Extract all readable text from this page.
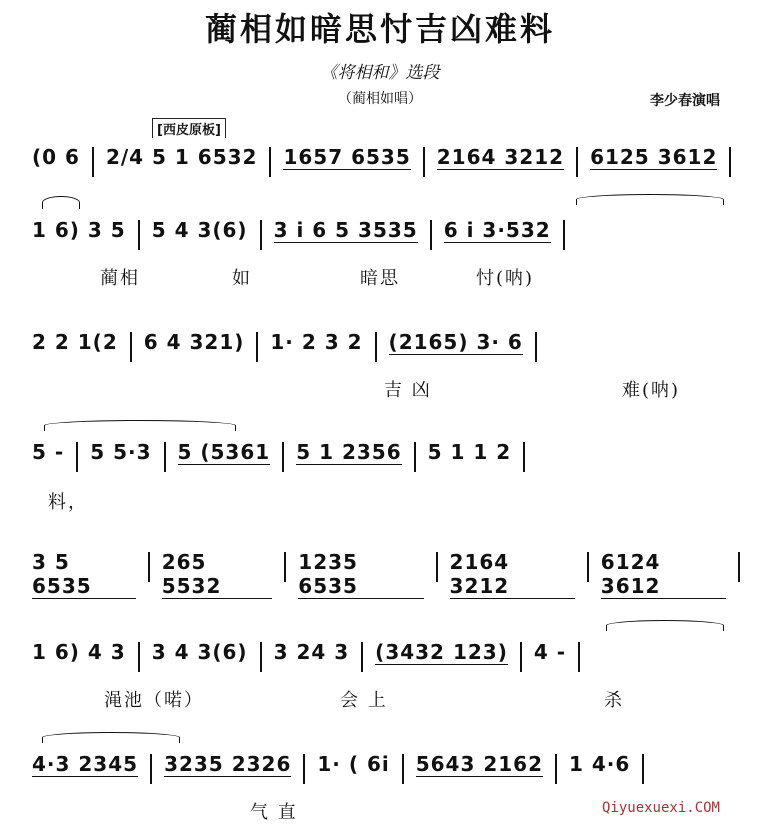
蔺相如暗思忖吉凶难料
《将相和》选段
（蔺相如唱）	李少春演唱
[西皮原板]
(0 6 2/4 5 1 6532 1657 6535 2164 3212 6125 3612
1 6) 3 5 5 4 3(6) 3 i 6 5 3535 6 i 3·532
蔺相	如	暗思	忖(呐)
2 2 1(2 6 4 321) 1· 2 3 2 (2165) 3· 6
吉 凶	难(呐)
5 - 5 5·3 5 (5361 5 1 2356 5 1 1 2
料，
3 5 6535
265 5532
1235 6535
2164 3212
6124 3612
1 6) 4 3 3 4 3(6) 3 24 3 (3432 123) 4 -
渑池（喏）	会 上	杀
4·3 2345 3235 2326 1· ( 6i 5643 2162 1 4·6
气 直	Qiyuexuexi.COM
